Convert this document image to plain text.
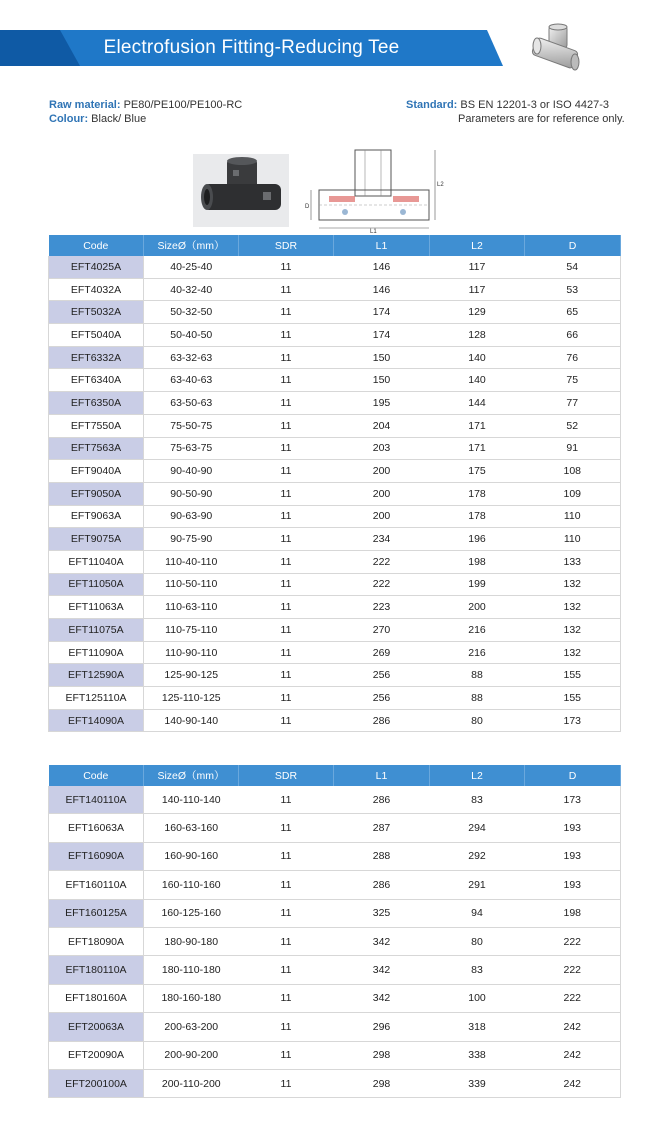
Electrofusion Fitting-Reducing Tee
Raw material: PE80/PE100/PE100-RC
Colour: Black/ Blue
Standard: BS EN 12201-3 or ISO 4427-3
Parameters are for reference only.
L1
L2
D
Code	SizeØ（mm）	SDR	L1	L2	D
EFT4025A	40-25-40	11	146	117	54
EFT4032A	40-32-40	11	146	117	53
EFT5032A	50-32-50	11	174	129	65
EFT5040A	50-40-50	11	174	128	66
EFT6332A	63-32-63	11	150	140	76
EFT6340A	63-40-63	11	150	140	75
EFT6350A	63-50-63	11	195	144	77
EFT7550A	75-50-75	11	204	171	52
EFT7563A	75-63-75	11	203	171	91
EFT9040A	90-40-90	11	200	175	108
EFT9050A	90-50-90	11	200	178	109
EFT9063A	90-63-90	11	200	178	110
EFT9075A	90-75-90	11	234	196	110
EFT11040A	110-40-110	11	222	198	133
EFT11050A	110-50-110	11	222	199	132
EFT11063A	110-63-110	11	223	200	132
EFT11075A	110-75-110	11	270	216	132
EFT11090A	110-90-110	11	269	216	132
EFT12590A	125-90-125	11	256	88	155
EFT125110A	125-110-125	11	256	88	155
EFT14090A	140-90-140	11	286	80	173
Code	SizeØ（mm）	SDR	L1	L2	D
EFT140110A	140-110-140	11	286	83	173
EFT16063A	160-63-160	11	287	294	193
EFT16090A	160-90-160	11	288	292	193
EFT160110A	160-110-160	11	286	291	193
EFT160125A	160-125-160	11	325	94	198
EFT18090A	180-90-180	11	342	80	222
EFT180110A	180-110-180	11	342	83	222
EFT180160A	180-160-180	11	342	100	222
EFT20063A	200-63-200	11	296	318	242
EFT20090A	200-90-200	11	298	338	242
EFT200100A	200-110-200	11	298	339	242
